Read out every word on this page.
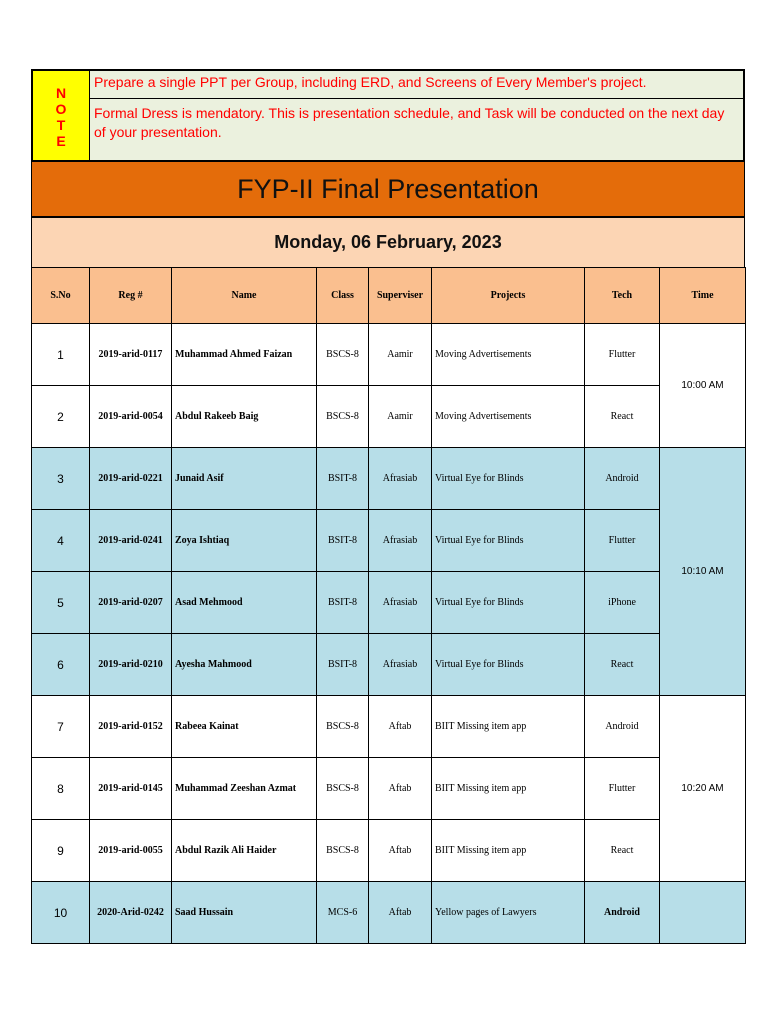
N
O
T
E
Prepare a single PPT per Group, including ERD, and Screens of Every Member's project.
Formal Dress is mendatory. This is presentation schedule, and Task will be conducted on the next day of your presentation.
FYP-II Final Presentation
Monday, 06 February, 2023
S.No	Reg #	Name	Class	Superviser	Projects	Tech	Time
1	2019-arid-0117	Muhammad Ahmed Faizan	BSCS-8	Aamir	Moving Advertisements	Flutter	10:00 AM
2	2019-arid-0054	Abdul Rakeeb Baig	BSCS-8	Aamir	Moving Advertisements	React	
3	2019-arid-0221	Junaid Asif	BSIT-8	Afrasiab	Virtual Eye for Blinds	Android	10:10 AM
4	2019-arid-0241	Zoya Ishtiaq	BSIT-8	Afrasiab	Virtual Eye for Blinds	Flutter	
5	2019-arid-0207	Asad Mehmood	BSIT-8	Afrasiab	Virtual Eye for Blinds	iPhone	
6	2019-arid-0210	Ayesha Mahmood	BSIT-8	Afrasiab	Virtual Eye for Blinds	React	
7	2019-arid-0152	Rabeea Kainat	BSCS-8	Aftab	BIIT Missing item app	Android	10:20 AM
8	2019-arid-0145	Muhammad Zeeshan Azmat	BSCS-8	Aftab	BIIT Missing item app	Flutter	
9	2019-arid-0055	Abdul Razik Ali Haider	BSCS-8	Aftab	BIIT Missing item app	React	
10	2020-Arid-0242	Saad Hussain	MCS-6	Aftab	Yellow pages of Lawyers	Android	
